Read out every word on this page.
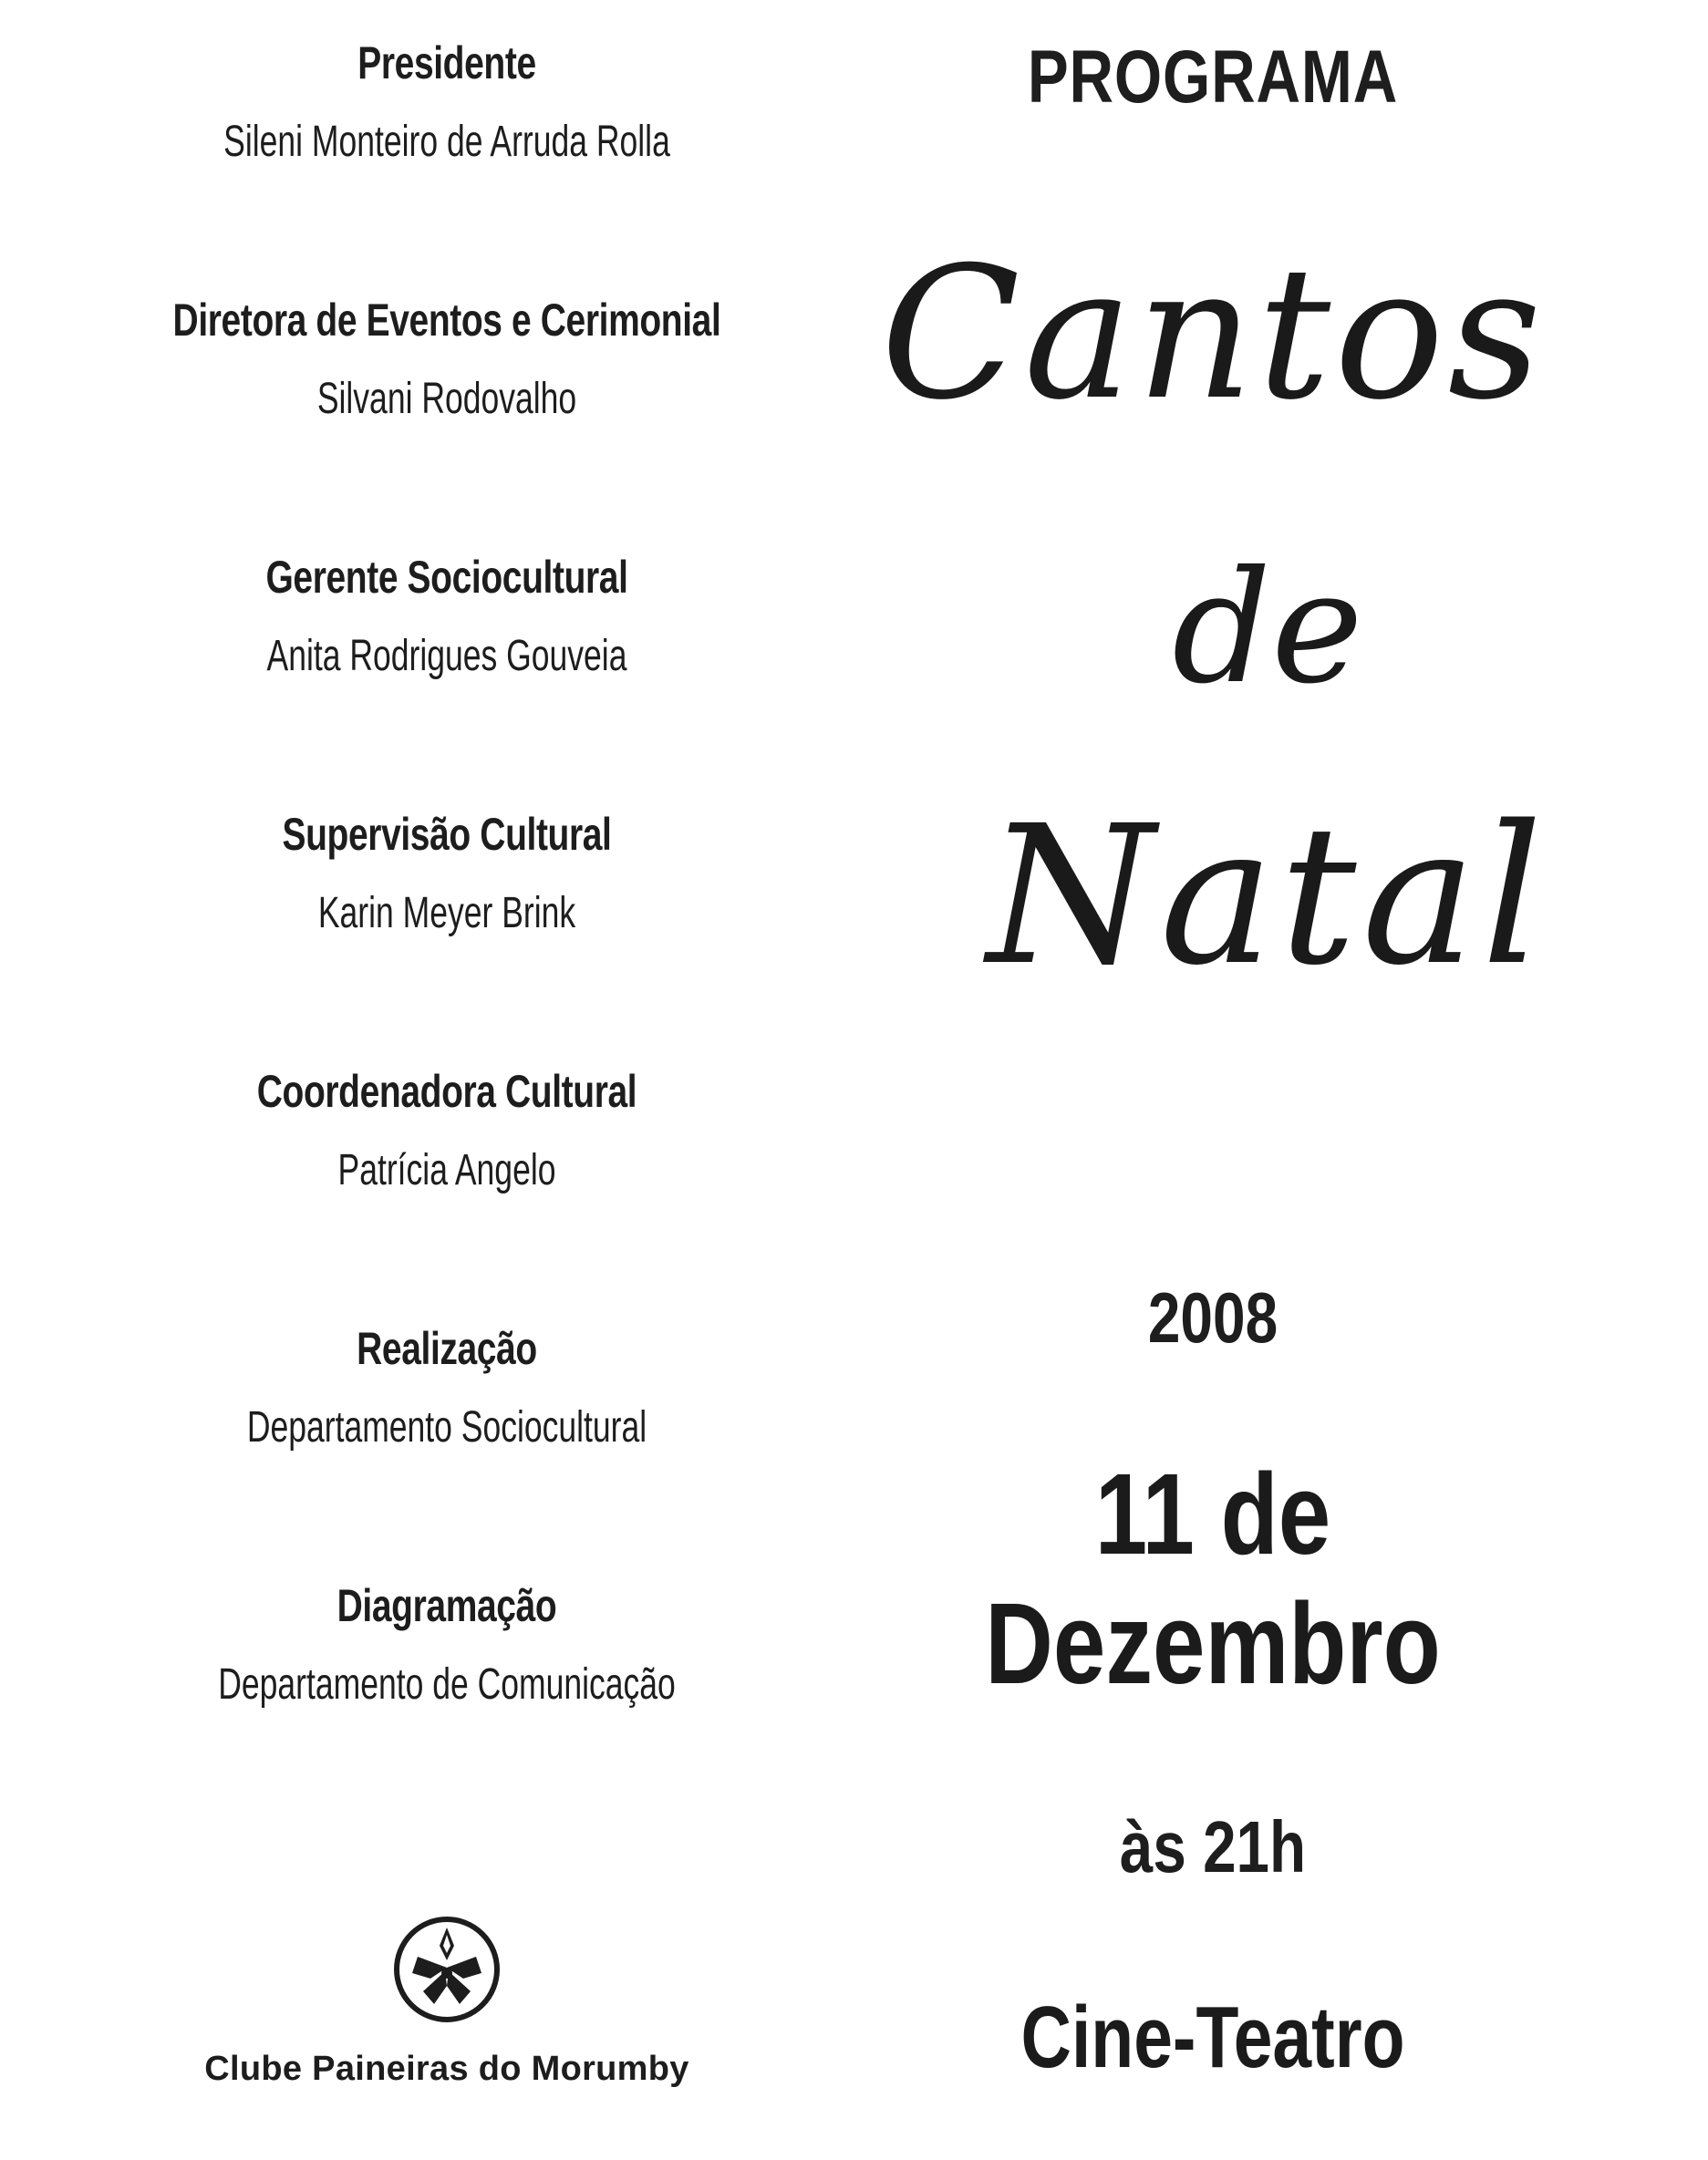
Presidente
Sileni Monteiro de Arruda Rolla
Diretora de Eventos e Cerimonial
Silvani Rodovalho
Gerente Sociocultural
Anita Rodrigues Gouveia
Supervisão Cultural
Karin Meyer Brink
Coordenadora Cultural
Patrícia Angelo
Realização
Departamento Sociocultural
Diagramação
Departamento de Comunicação
Clube Paineiras do Morumby
PROGRAMA
Cantos
de
Natal
2008
11 de
Dezembro
às 21h
Cine-Teatro
